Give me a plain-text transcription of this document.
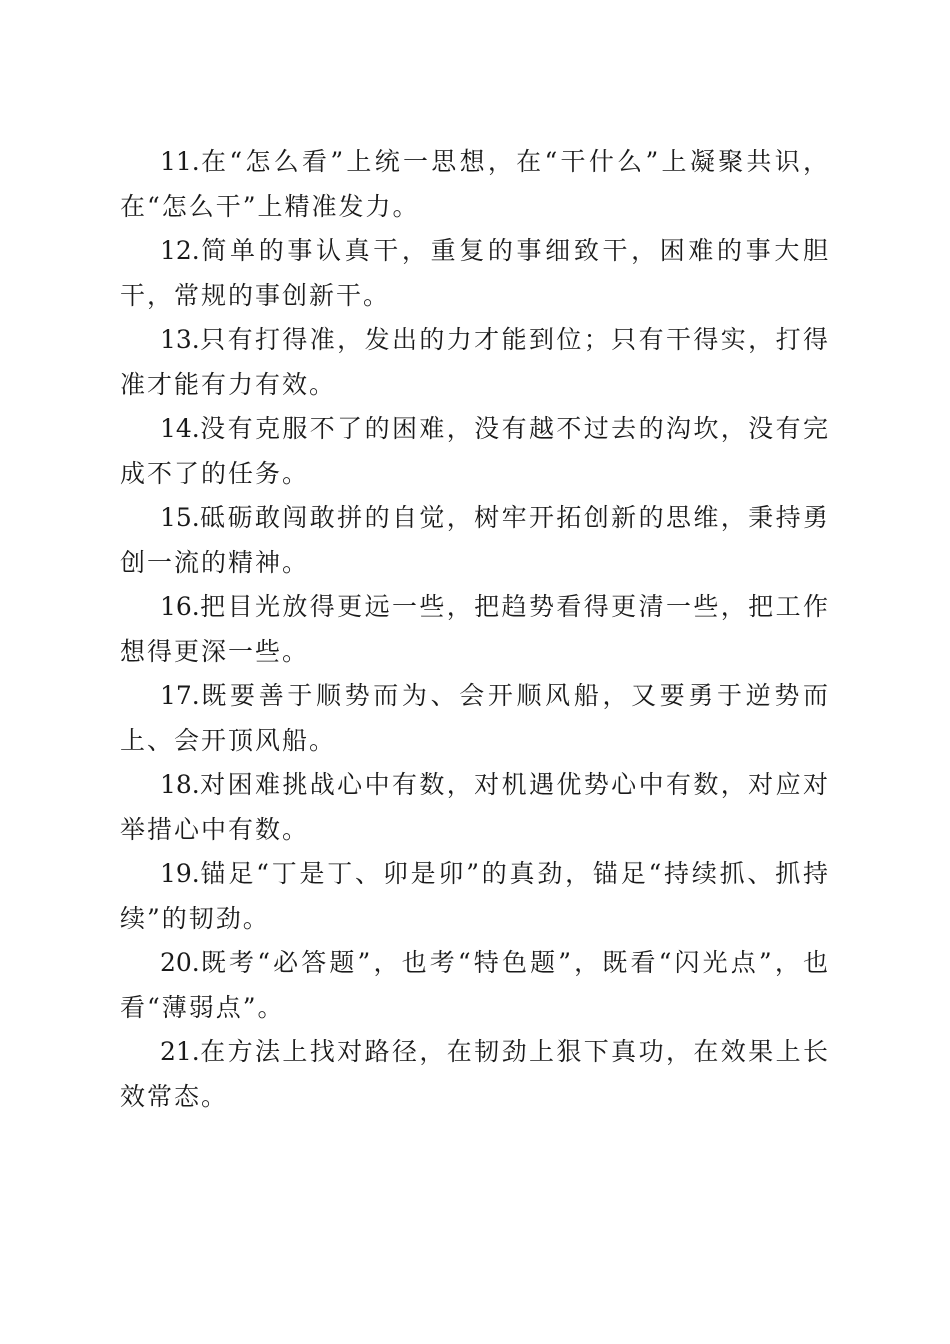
11.在“怎么看”上统一思想，在“干什么”上凝聚共识，在“怎么干”上精准发力。

12.简单的事认真干，重复的事细致干，困难的事大胆干，常规的事创新干。

13.只有打得准，发出的力才能到位；只有干得实，打得准才能有力有效。

14.没有克服不了的困难，没有越不过去的沟坎，没有完成不了的任务。

15.砥砺敢闯敢拼的自觉，树牢开拓创新的思维，秉持勇创一流的精神。

16.把目光放得更远一些，把趋势看得更清一些，把工作想得更深一些。

17.既要善于顺势而为、会开顺风船，又要勇于逆势而上、会开顶风船。

18.对困难挑战心中有数，对机遇优势心中有数，对应对举措心中有数。

19.锚足“丁是丁、卯是卯”的真劲，锚足“持续抓、抓持续”的韧劲。

20.既考“必答题”，也考“特色题”，既看“闪光点”，也看“薄弱点”。

21.在方法上找对路径，在韧劲上狠下真功，在效果上长效常态。
